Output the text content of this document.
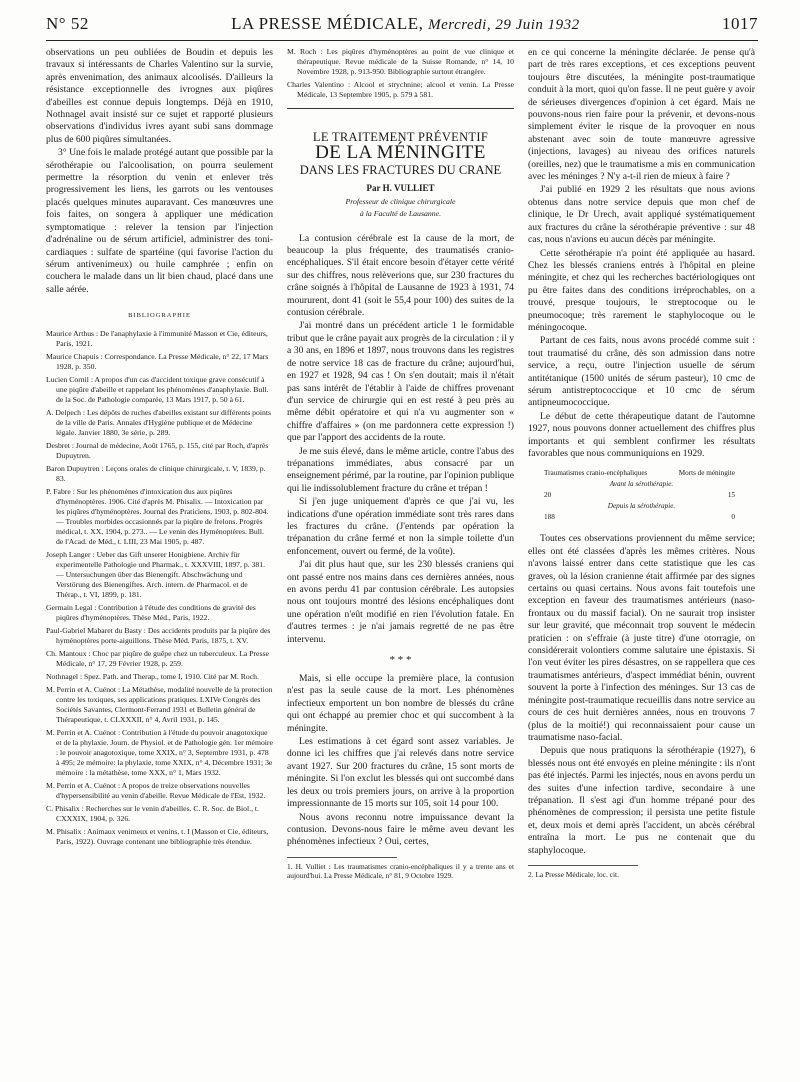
N° 52	LA PRESSE MÉDICALE, Mercredi, 29 Juin 1932	1017

observations un peu oubliées de Boudin et depuis les travaux si intéressants de Charles Valentino sur la survie, après envenimation, des animaux alcoolisés. D'ailleurs la résistance exceptionnelle des ivrognes aux piqûres d'abeilles est connue depuis longtemps. Déjà en 1910, Nothnagel avait insisté sur ce sujet et rapporté plusieurs observations d'individus ivres ayant subi sans dommage plus de 600 piqûres simultanées.

3° Une fois le malade protégé autant que possible par la sérothérapie ou l'alcoolisation, on pourra seulement permettre la résorption du venin et enlever très progressivement les liens, les garrots ou les ventouses placés quelques minutes auparavant. Ces manœuvres une fois faites, on songera à appliquer une médication symptomatique : relever la tension par l'injection d'adrénaline ou de sérum artificiel, administrer des toni-cardiaques : sulfate de spartéine (qui favorise l'action du sérum antivenimeux) ou huile camphrée ; enfin on couchera le malade dans un lit bien chaud, placé dans une salle aérée.

BIBLIOGRAPHIE
Maurice Arthus : De l'anaphylaxie à l'immunité Masson et Cie, éditeurs, Paris, 1921.
Maurice Chapuis : Correspondance. La Presse Médicale, n° 22, 17 Mars 1928, p. 350.
Lucien Cornil : A propos d'un cas d'accident toxique grave consécutif à une piqûre d'abeille et rappelant les phénomènes d'anaphylaxie. Bull. de la Soc. de Pathologie comparée, 13 Mars 1917, p. 50 à 61.
A. Delpech : Les dépôts de ruches d'abeilles existant sur différents points de la ville de Paris. Annales d'Hygiène publique et de Médecine légale. Janvier 1880, 3e série, p. 289.
Desbret : Journal de médecine, Août 1765, p. 155, cité par Roch, d'après Dupuytren.
Baron Dupuytren : Leçons orales de clinique chirurgicale, t. V, 1839, p. 83.
P. Fabre : Sur les phénomènes d'intoxication dus aux piqûres d'hyménoptères. 1906. Cité d'après M. Phisalix. — Intoxication par les piqûres d'hyménoptères. Journal des Praticiens, 1903, p. 802-804. — Troubles morbides occasionnés par la piqûre de frelons. Progrès médical, t. XX, 1904, p. 273.. — Le venin des Hyménoptères. Bull. de l'Acad. de Méd., t. LIII, 23 Mai 1905, p. 487.
Joseph Langer : Ueber das Gift unserer Honigbiene. Archiv für experimentelle Pathologie und Pharmak., t. XXXVIII, 1897, p. 381. — Untersuchungen über das Bienengift. Abschwächung und Verstörung des Bienengiftes. Arch. intern. de Pharmacol. et de Thérap., t. VI, 1899, p. 181.
Germain Legal : Contribution à l'étude des conditions de gravité des piqûres d'hyménoptères. Thèse Méd., Paris, 1922.
Paul-Gabriel Mabaret du Basty : Des accidents produits par la piqûre des hyménoptères porte-aiguillons. Thèse Méd. Paris, 1875, t. XV.
Ch. Mantoux : Choc par piqûre de guêpe chez un tuberculeux. La Presse Médicale, n° 17, 29 Février 1928, p. 259.
Nothnagel : Spez. Path. and Therap., tome I, 1910. Cité par M. Roch.
M. Perrin et A. Cuénot : La Métathèse, modalité nouvelle de la protection contre les toxiques, ses applications pratiques. LXIVe Congrès des Sociétés Savantes, Clermont-Ferrand 1931 et Bulletin général de Thérapeutique, t. CLXXXII, n° 4, Avril 1931, p. 145.
M. Perrin et A. Cuénot : Contribution à l'étude du pouvoir anagotoxique et de la phylaxie. Journ. de Physiol. et de Pathologie gén. 1er mémoire : le pouvoir anagotoxique, tome XXIX, n° 3, Septembre 1931, p. 478 à 495; 2e mémoire: la phylaxie, tome XXIX, n° 4, Décembre 1931; 3e mémoire : la métathèse, tome XXX, n° 1, Mars 1932.
M. Perrin et A. Cuénot : A propos de treize observations nouvelles d'hypersensibilité au venin d'abeille. Revue Médicale de l'Est, 1932.
C. Phisalix : Recherches sur le venin d'abeilles. C. R. Soc. de Biol., t. CXXXIX, 1904, p. 326.
M. Phisalix : Animaux venimeux et venins, t. I (Masson et Cie, éditeurs, Paris, 1922). Ouvrage contenant une bibliographie très étendue.
M. Roch : Les piqûres d'hyménoptères au point de vue clinique et thérapeutique. Revue médicale de la Suisse Romande, n° 14, 10 Novembre 1928, p. 913-950. Bibliographie surtout étrangère.
Charles Valentino : Alcool et strychnine; alcool et venin. La Presse Médicale, 13 Septembre 1905, p. 579 à 581.
LE TRAITEMENT PRÉVENTIF
DE LA MÉNINGITE
DANS LES FRACTURES DU CRANE
Par H. VULLIET
Professeur de clinique chirurgicale
à la Faculté de Lausanne.

La contusion cérébrale est la cause de la mort, de beaucoup la plus fréquente, des traumatisés cranio-encéphaliques. S'il était encore besoin d'étayer cette vérité sur des chiffres, nous relèverions que, sur 230 fractures du crâne soignés à l'hôpital de Lausanne de 1923 à 1931, 74 moururent, dont 41 (soit le 55,4 pour 100) des suites de la contusion cérébrale.

J'ai montré dans un précédent article 1 le formidable tribut que le crâne payait aux progrès de la circulation : il y a 30 ans, en 1896 et 1897, nous trouvons dans les registres de notre service 18 cas de fracture du crâne; aujourd'hui, en 1927 et 1928, 94 cas ! On s'en doutait; mais il n'était pas sans intérêt de l'établir à l'aide de chiffres provenant d'un service de chirurgie qui en est resté à peu près au même débit opératoire et qui n'a vu augmenter son « chiffre d'affaires » (on me pardonnera cette expression !) que par l'apport des accidents de la route.

Je me suis élevé, dans le même article, contre l'abus des trépanations immédiates, abus consacré par un enseignement périmé, par la routine, par l'opinion publique qui lie indissolublement fracture du crâne et trépan !

Si j'en juge uniquement d'après ce que j'ai vu, les indications d'une opération immédiate sont très rares dans les fractures du crâne. (J'entends par opération la trépanation du crâne fermé et non la simple toilette d'un enfoncement, ouvert ou fermé, de la voûte).

J'ai dit plus haut que, sur les 230 blessés craniens qui ont passé entre nos mains dans ces dernières années, nous en avons perdu 41 par contusion cérébrale. Les autopsies nous ont toujours montré des lésions encéphaliques dont une opération n'eût modifié en rien l'évolution fatale. En d'autres termes : je n'ai jamais regretté de ne pas être intervenu.

* * *

Mais, si elle occupe la première place, la contusion n'est pas la seule cause de la mort. Les phénomènes infectieux emportent un bon nombre de blessés du crâne qui ont échappé au premier choc et qui succombent à la méningite.

Les estimations à cet égard sont assez variables. Je donne ici les chiffres que j'ai relevés dans notre service avant 1927. Sur 200 fractures du crâne, 15 sont morts de méningite. Si l'on exclut les blessés qui ont succombé dans les deux ou trois premiers jours, on arrive à la proportion impressionnante de 15 morts sur 105, soit 14 pour 100.

Nous avons reconnu notre impuissance devant la contusion. Devons-nous faire le même aveu devant les phénomènes infectieux ? Oui, certes,

1. H. Vulliet : Les traumatismes cranio-encéphaliques il y a trente ans et aujourd'hui. La Presse Médicale, n° 81, 9 Octobre 1929.

en ce qui concerne la méningite déclarée. Je pense qu'à part de très rares exceptions, et ces exceptions peuvent toujours être discutées, la méningite post-traumatique conduit à la mort, quoi qu'on fasse. Il ne peut guère y avoir de sérieuses divergences d'opinion à cet égard. Mais ne pouvons-nous rien faire pour la prévenir, et devons-nous simplement éviter le risque de la provoquer en nous abstenant avec soin de toute manœuvre agressive (injections, lavages) au niveau des orifices naturels (oreilles, nez) que le traumatisme a mis en communication avec les méninges ? N'y a-t-il rien de mieux à faire ?

J'ai publié en 1929 2 les résultats que nous avions obtenus dans notre service depuis que mon chef de clinique, le Dr Urech, avait appliqué systématiquement aux fractures du crâne la sérothérapie préventive : sur 48 cas, nous n'avions eu aucun décès par méningite.

Cette sérothérapie n'a point été appliquée au hasard. Chez les blessés craniens entrés à l'hôpital en pleine méningite, et chez qui les recherches bactériologiques ont pu être faites dans des conditions irréprochables, on a trouvé, presque toujours, le streptocoque ou le pneumocoque; très rarement le staphylocoque ou le méningocoque.

Partant de ces faits, nous avons procédé comme suit : tout traumatisé du crâne, dès son admission dans notre service, a reçu, outre l'injection usuelle de sérum antitétanique (1500 unités de sérum pasteur), 10 cmc de sérum antistreptococcique et 10 cmc de sérum antipneumococcique.

Le début de cette thérapeutique datant de l'automne 1927, nous pouvons donner actuellement des chiffres plus importants et qui semblent confirmer les résultats favorables que nous communiquions en 1929.

Traumatismes cranio-encéphaliques	Morts de méningite
Avant la sérothérapie.
20	15
Depuis la sérothérapie.
188	0

Toutes ces observations proviennent du même service; elles ont été classées d'après les mêmes critères. Nous n'avons laissé entrer dans cette statistique que les cas graves, où la lésion cranienne était affirmée par des signes certains ou quasi certains. Nous avons fait toutefois une exception en faveur des traumatismes antérieurs (naso-frontaux ou du massif facial). On ne saurait trop insister sur leur gravité, que méconnait trop souvent le médecin praticien : on s'effraie (à juste titre) d'une otorragie, on considérerait volontiers comme salutaire une épistaxis. Si l'on veut éviter les pires désastres, on se rappellera que ces traumatismes antérieurs, d'aspect immédiat bénin, ouvrent souvent la porte à l'infection des méninges. Sur 13 cas de méningite post-traumatique recueillis dans notre service au cours de ces huit dernières années, nous en trouvons 7 (plus de la moitié!) qui reconnaissaient pour cause un traumatisme naso-facial.

Depuis que nous pratiquons la sérothérapie (1927), 6 blessés nous ont été envoyés en pleine méningite : ils n'ont pas été injectés. Parmi les injectés, nous en avons perdu un des suites d'une infection tardive, secondaire à une trépanation. Il s'est agi d'un homme trépané pour des phénomènes de compression; il persista une petite fistule et, deux mois et demi après l'accident, un abcès cérébral entraîna la mort. Le pus ne contenait que du staphylocoque.

2. La Presse Médicale, loc. cit.
